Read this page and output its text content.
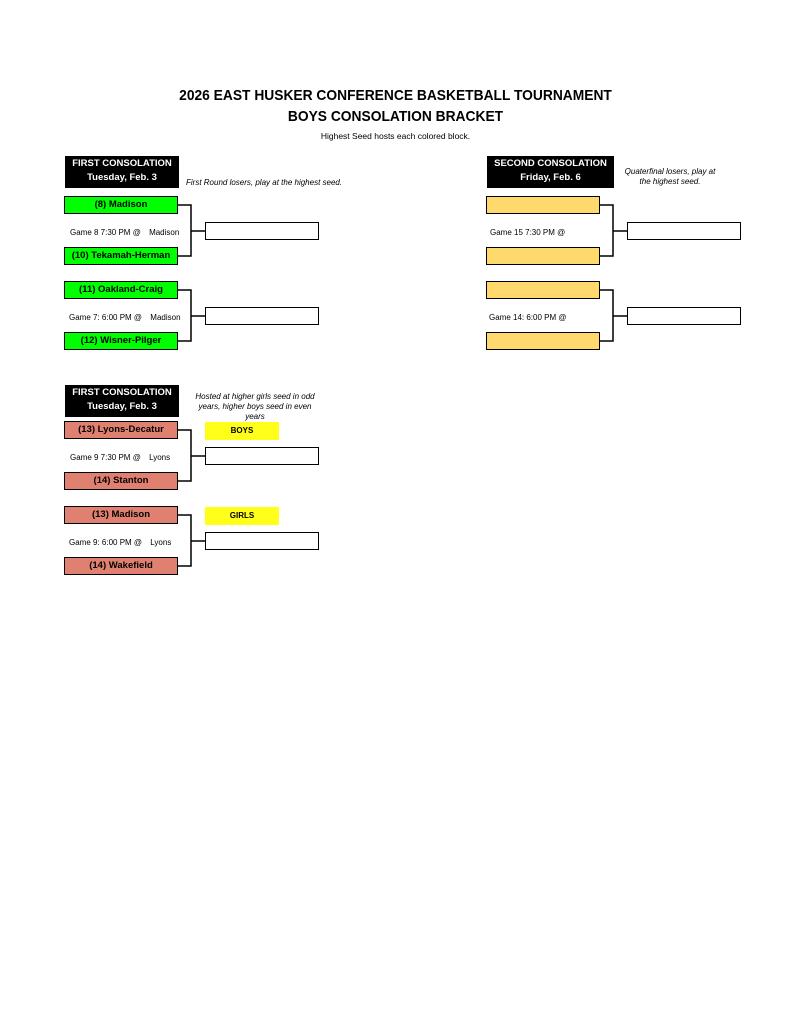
2026 EAST HUSKER CONFERENCE BASKETBALL TOURNAMENT
BOYS CONSOLATION BRACKET
Highest Seed hosts each colored block.
FIRST CONSOLATION
Tuesday, Feb. 3	First Round losers, play at the highest seed.
(8) Madison
Game 8 7:30 PM @ Madison
(10) Tekamah-Herman
(11) Oakland-Craig
Game 7: 6:00 PM @ Madison
(12) Wisner-Pilger
SECOND CONSOLATION
Friday, Feb. 6
Quaterfinal losers, play at the highest seed.
Game 15 7:30 PM @
Game 14: 6:00 PM @
FIRST CONSOLATION
Tuesday, Feb. 3
Hosted at higher girls seed in odd years, higher boys seed in even years
(13) Lyons-Decatur	BOYS
Game 9 7:30 PM @ Lyons
(14) Stanton
(13) Madison	GIRLS
Game 9: 6:00 PM @ Lyons
(14) Wakefield
